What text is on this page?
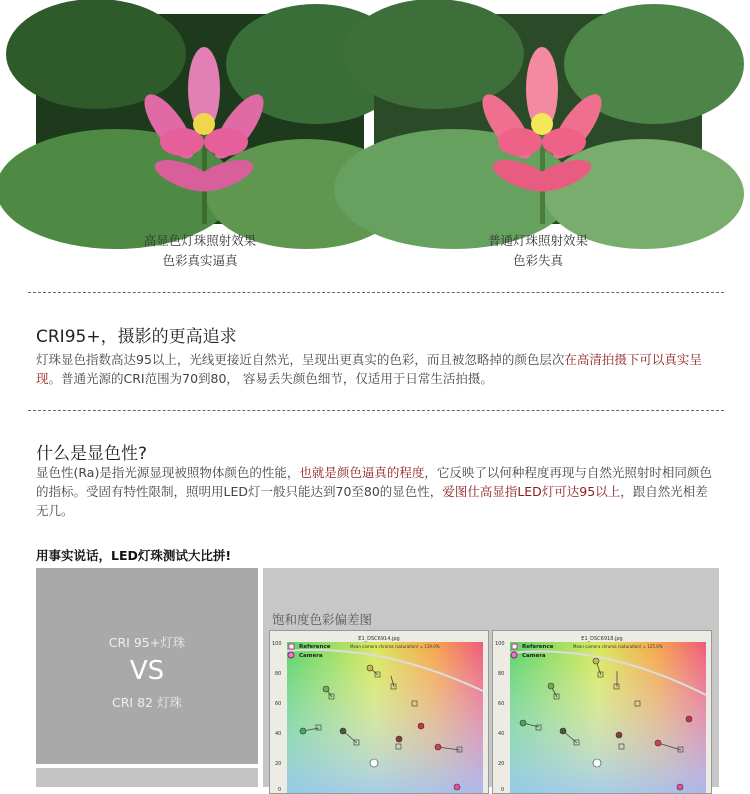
高显色灯珠照射效果
色彩真实逼真
普通灯珠照射效果
色彩失真
CRI95+，摄影的更高追求
灯珠显色指数高达95以上，光线更接近自然光，呈现出更真实的色彩，而且被忽略掉的颜色层次在高清拍摄下可以真实呈现。普通光源的CRI范围为70到80， 容易丢失颜色细节，仅适用于日常生活拍摄。
什么是显色性?
显色性(Ra)是指光源显现被照物体颜色的性能，也就是颜色逼真的程度，它反映了以何种程度再现与自然光照射时相同颜色的指标。受固有特性限制，照明用LED灯一般只能达到70至80的显色性，爱图仕高显指LED灯可达95以上，跟自然光相差无几。
用事实说话，LED灯珠测试大比拼!
CRI 95+灯珠
VS
CRI 82 灯珠
饱和度色彩偏差图
Reference
Camera
Mean camera chroma (saturation) = 119.0%
100
80
60
40
20
0
E1_DSC6914.jpg
Reference
Camera
Mean camera chroma (saturation) = 125.6%
E1_DSC6918.jpg
100
80
60
40
20
0
